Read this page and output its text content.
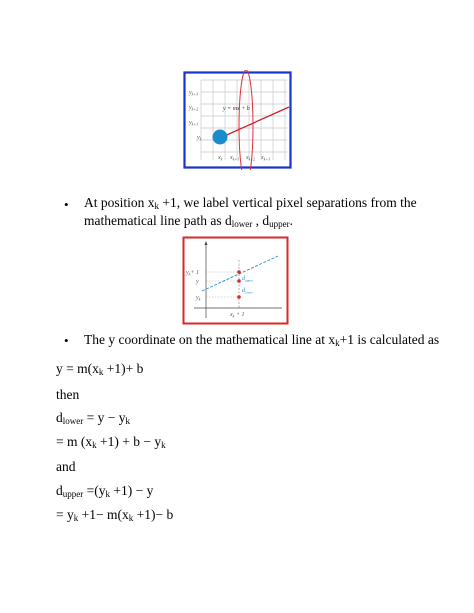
y = mx + b
$y_{k+3}$
$y_{k+2}$
$y_{k+1}$
$y_k$
$x_k$ $x_{k+1}$ $x_{k+2}$ $x_{k+3}$
• At position $x_k +1$, we label vertical pixel separations from the
mathematical line path as $d_{lower}$ , $d_{upper}$.
$y_k+ 1$
y
$y_k$
$x_k + 1$
$d_{upper}$
$d_{lower}$
• The y coordinate on the mathematical line at $x_k+1$ is calculated as
$y = m(x_k +1)+ b$
then
$d_{lower} = y - y_k$
= m $(x_k +1) + b - y_k$
and
$d_{upper} =(y_k +1) - y$
= $y_k +1- m(x_k +1)- b$
